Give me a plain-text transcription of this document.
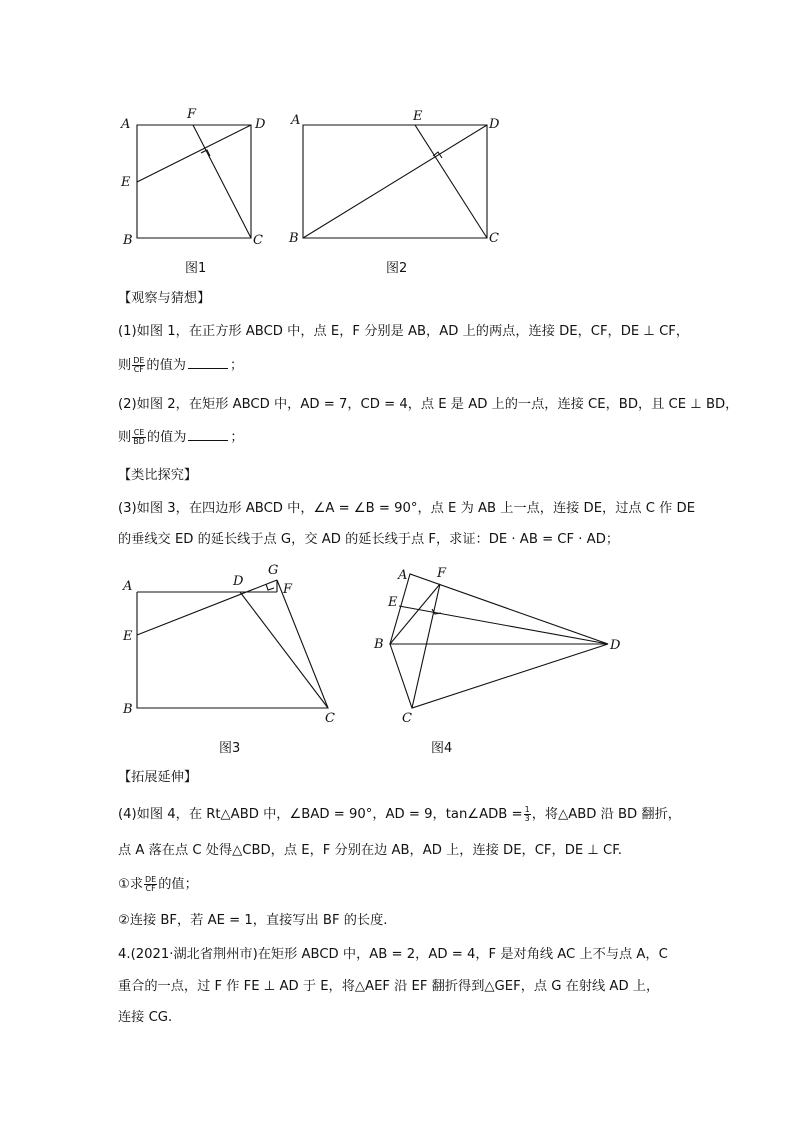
A
F
D
E
B	C
图1
A	E
D
B	C
图2
【观察与猜想】
(1)如图 1，在正方形 ABCD 中，点 E，F 分别是 AB，AD 上的两点，连接 DE，CF，DE ⊥ CF，
则 $\frac{DE}{CF}$ 的值为	；
(2)如图 2，在矩形 ABCD 中，AD = 7，CD = 4，点 E 是 AD 上的一点，连接 CE，BD，且 CE ⊥ BD，
则 $\frac{CE}{BD}$ 的值为	；
【类比探究】
(3)如图 3，在四边形 ABCD 中，∠A = ∠B = 90°，点 E 为 AB 上一点，连接 DE，过点 C 作 DE
的垂线交 ED 的延长线于点 G，交 AD 的延长线于点 F，求证：DE · AB = CF · AD；
A	D
G
F
E
B
C
图3
A F
E
B	D
C
图4
【拓展延伸】
(4)如图 4，在 Rt△ABD 中，∠BAD = 90°，AD = 9，tan∠ADB = $\frac{1}{3}$ ，将△ABD 沿 BD 翻折，
点 A 落在点 C 处得△CBD，点 E，F 分别在边 AB，AD 上，连接 DE，CF，DE ⊥ CF.
①求 $\frac{DE}{CF}$ 的值；
②连接 BF，若 AE = 1，直接写出 BF 的长度.
4.(2021·湖北省荆州市)在矩形 ABCD 中，AB = 2，AD = 4，F 是对角线 AC 上不与点 A，C
重合的一点，过 F 作 FE ⊥ AD 于 E，将△AEF 沿 EF 翻折得到△GEF，点 G 在射线 AD 上，
连接 CG.
